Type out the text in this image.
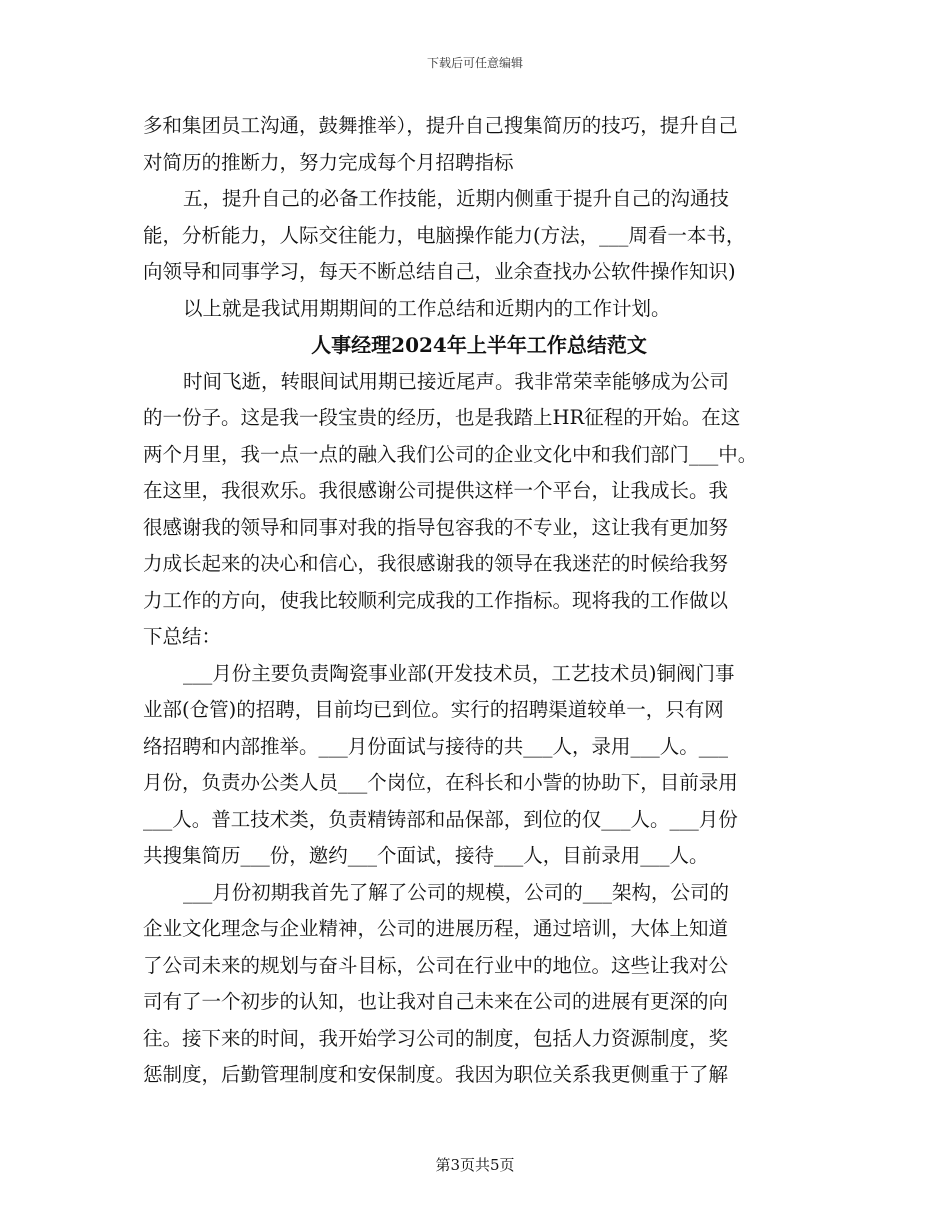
下载后可任意编辑
多和集团员工沟通，鼓舞推举），提升自己搜集简历的技巧，提升自己
对简历的推断力，努力完成每个月招聘指标
五，提升自己的必备工作技能，近期内侧重于提升自己的沟通技
能，分析能力，人际交往能力，电脑操作能力(方法，___周看一本书，
向领导和同事学习，每天不断总结自己，业余查找办公软件操作知识)
以上就是我试用期期间的工作总结和近期内的工作计划。
人事经理2024年上半年工作总结范文
时间飞逝，转眼间试用期已接近尾声。我非常荣幸能够成为公司
的一份子。这是我一段宝贵的经历，也是我踏上HR征程的开始。在这
两个月里，我一点一点的融入我们公司的企业文化中和我们部门___中。
在这里，我很欢乐。我很感谢公司提供这样一个平台，让我成长。我
很感谢我的领导和同事对我的指导包容我的不专业，这让我有更加努
力成长起来的决心和信心，我很感谢我的领导在我迷茫的时候给我努
力工作的方向，使我比较顺利完成我的工作指标。现将我的工作做以
下总结：
___月份主要负责陶瓷事业部(开发技术员，工艺技术员)铜阀门事
业部(仓管)的招聘，目前均已到位。实行的招聘渠道较单一，只有网
络招聘和内部推举。___月份面试与接待的共___人，录用___人。___
月份，负责办公类人员___个岗位，在科长和小訾的协助下，目前录用
___人。普工技术类，负责精铸部和品保部，到位的仅___人。___月份
共搜集简历___份，邀约___个面试，接待___人，目前录用___人。
___月份初期我首先了解了公司的规模，公司的___架构，公司的
企业文化理念与企业精神，公司的进展历程，通过培训，大体上知道
了公司未来的规划与奋斗目标，公司在行业中的地位。这些让我对公
司有了一个初步的认知，也让我对自己未来在公司的进展有更深的向
往。接下来的时间，我开始学习公司的制度，包括人力资源制度，奖
惩制度，后勤管理制度和安保制度。我因为职位关系我更侧重于了解
第3页共5页
